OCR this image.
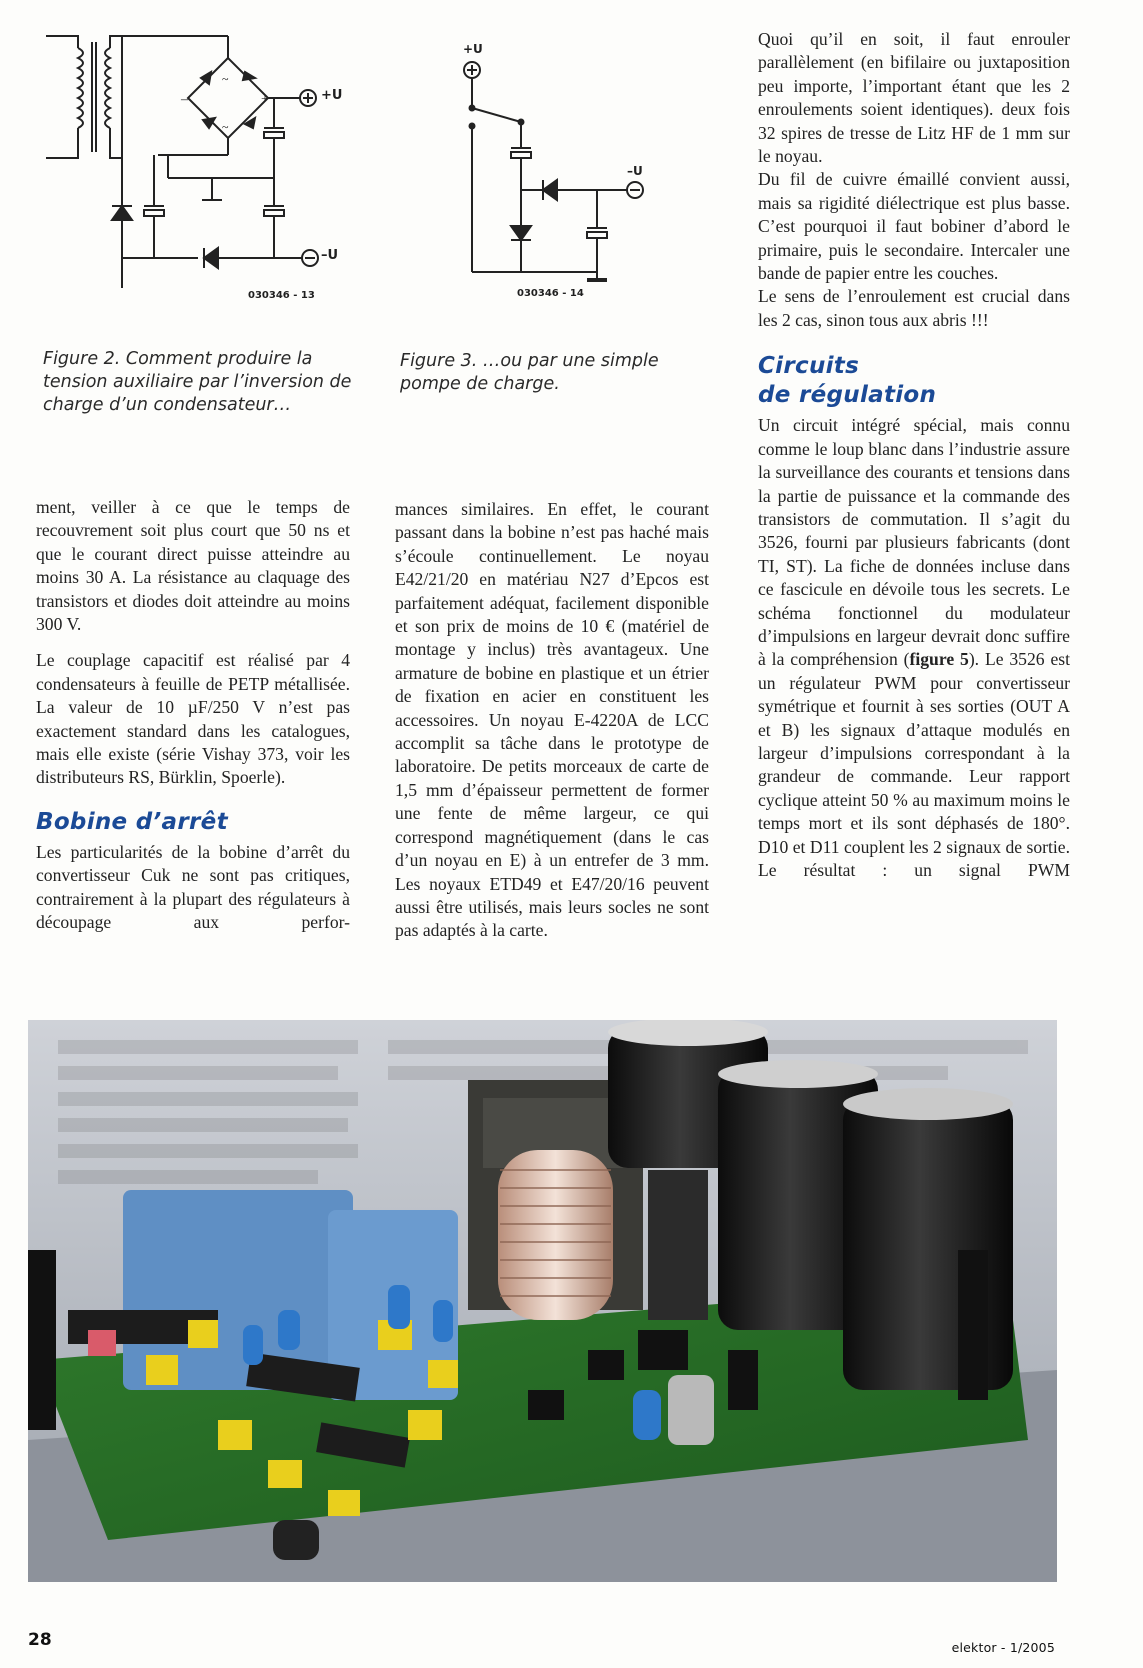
–	+
~
~
+U
–U
030346 - 13

Figure 2. Comment produire la tension auxiliaire par l’inversion de charge d’un condensateur…

+U
–U
030346 - 14

Figure 3. …ou par une simple pompe de charge.

ment, veiller à ce que le temps de recouvrement soit plus court que 50 ns et que le courant direct puisse atteindre au moins 30 A. La résistance au claquage des transistors et diodes doit atteindre au moins 300 V.

Le couplage capacitif est réalisé par 4 condensateurs à feuille de PETP métallisée. La valeur de 10 µF/250 V n’est pas exactement standard dans les catalogues, mais elle existe (série Vishay 373, voir les distributeurs RS, Bürklin, Spoerle).

Bobine d’arrêt

Les particularités de la bobine d’arrêt du convertisseur Cuk ne sont pas critiques, contrairement à la plupart des régulateurs à découpage aux perfor-

mances similaires. En effet, le courant passant dans la bobine n’est pas haché mais s’écoule continuellement. Le noyau E42/21/20 en matériau N27 d’Epcos est parfaitement adéquat, facilement disponible et son prix de moins de 10 € (matériel de montage y inclus) très avantageux. Une armature de bobine en plastique et un étrier de fixation en acier en constituent les accessoires. Un noyau E-4220A de LCC accomplit sa tâche dans le prototype de laboratoire. De petits morceaux de carte de 1,5 mm d’épaisseur permettent de former une fente de même largeur, ce qui correspond magnétiquement (dans le cas d’un noyau en E) à un entrefer de 3 mm. Les noyaux ETD49 et E47/20/16 peuvent aussi être utilisés, mais leurs socles ne sont pas adaptés à la carte.

Quoi qu’il en soit, il faut enrouler parallèlement (en bifilaire ou juxtaposition peu importe, l’important étant que les 2 enroulements soient identiques). deux fois 32 spires de tresse de Litz HF de 1 mm sur le noyau.

Du fil de cuivre émaillé convient aussi, mais sa rigidité diélectrique est plus basse. C’est pourquoi il faut bobiner d’abord le primaire, puis le secondaire. Intercaler une bande de papier entre les couches.

Le sens de l’enroulement est crucial dans les 2 cas, sinon tous aux abris !!!

Circuits
de régulation

Un circuit intégré spécial, mais connu comme le loup blanc dans l’industrie assure la surveillance des courants et tensions dans la partie de puissance et la commande des transistors de commutation. Il s’agit du 3526, fourni par plusieurs fabricants (dont TI, ST). La fiche de données incluse dans ce fascicule en dévoile tous les secrets. Le schéma fonctionnel du modulateur d’impulsions en largeur devrait donc suffire à la compréhension (figure 5). Le 3526 est un régulateur PWM pour convertisseur symétrique et fournit à ses sorties (OUT A et B) les signaux d’attaque modulés en largeur d’impulsions correspondant à la grandeur de commande. Leur rapport cyclique atteint 50 % au maximum moins le temps mort et ils sont déphasés de 180°. D10 et D11 couplent les 2 signaux de sortie. Le résultat : un signal PWM

28	elektor - 1/2005
